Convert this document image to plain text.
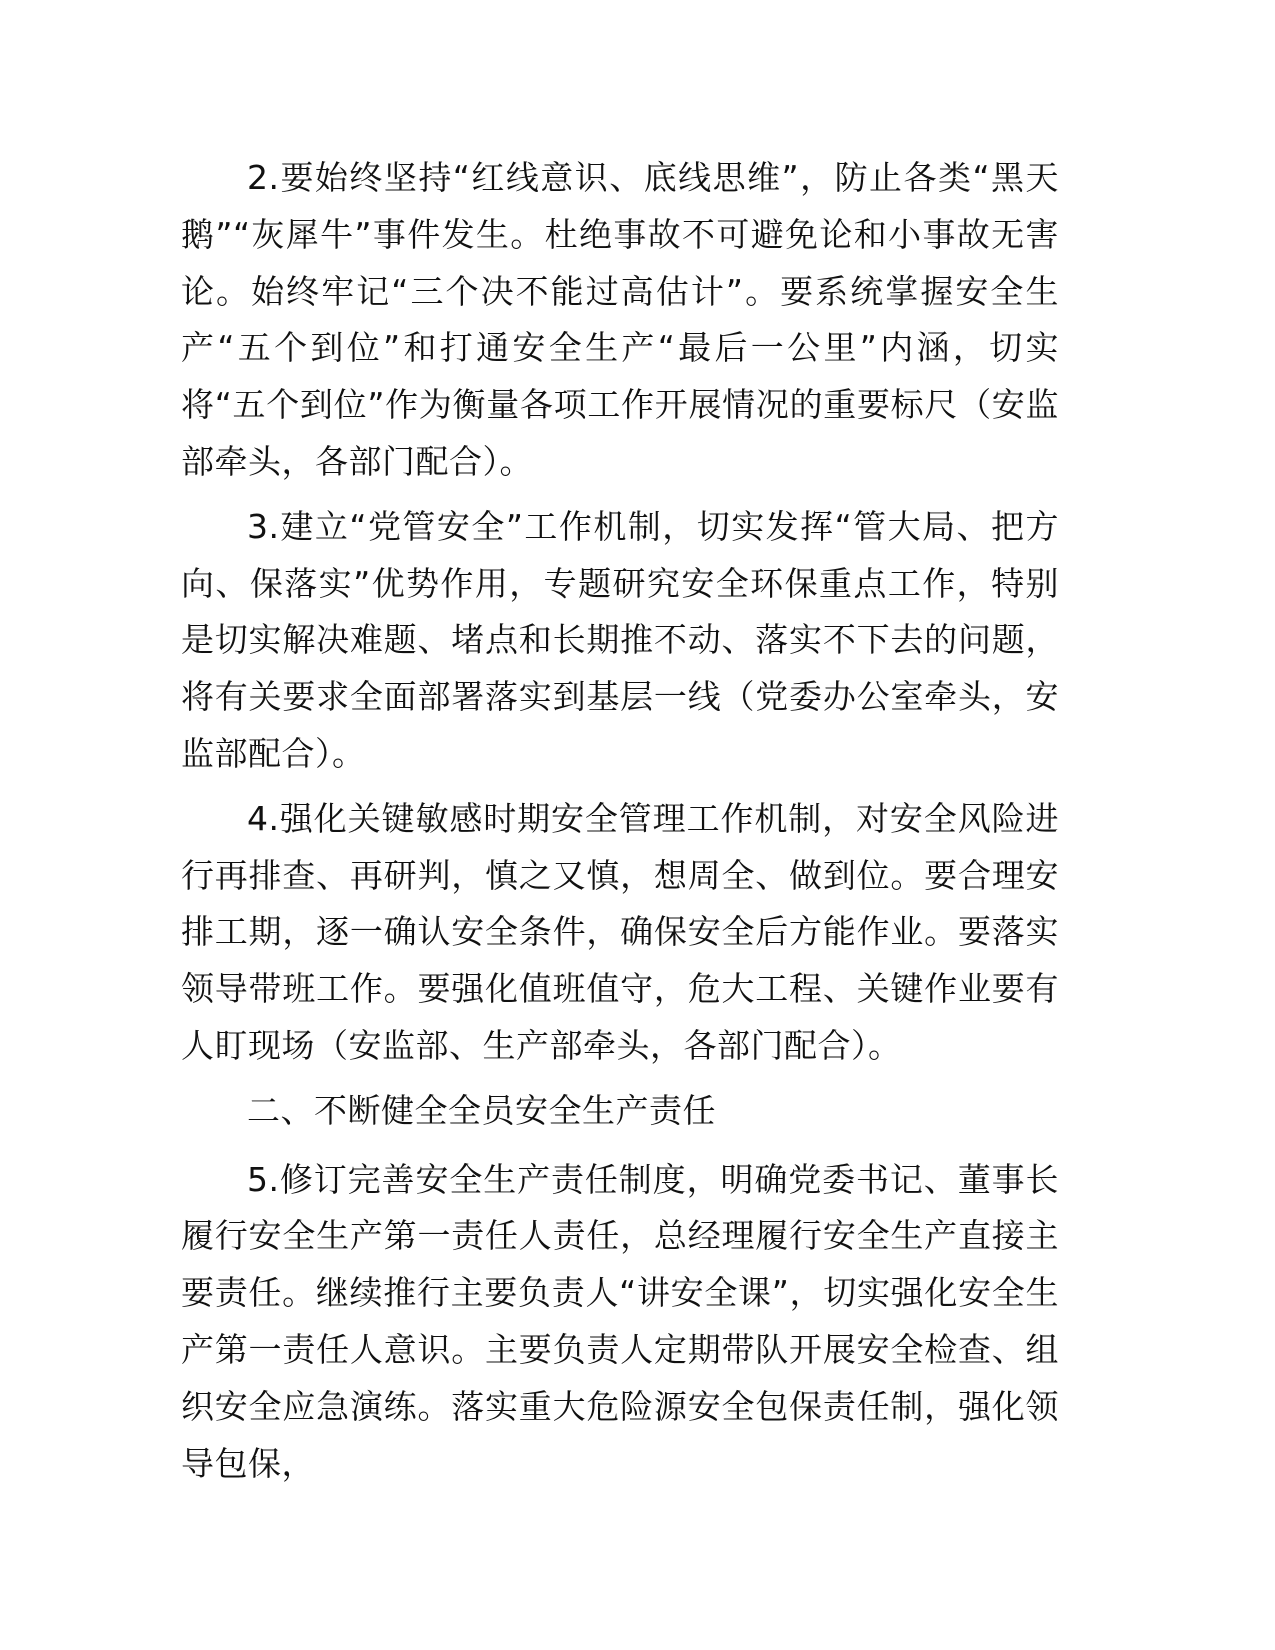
2.要始终坚持“红线意识、底线思维”，防止各类“黑天鹅”“灰犀牛”事件发生。杜绝事故不可避免论和小事故无害论。始终牢记“三个决不能过高估计”。要系统掌握安全生产“五个到位”和打通安全生产“最后一公里”内涵，切实将“五个到位”作为衡量各项工作开展情况的重要标尺（安监部牵头，各部门配合）。

3.建立“党管安全”工作机制，切实发挥“管大局、把方向、保落实”优势作用，专题研究安全环保重点工作，特别是切实解决难题、堵点和长期推不动、落实不下去的问题，将有关要求全面部署落实到基层一线（党委办公室牵头，安监部配合）。

4.强化关键敏感时期安全管理工作机制，对安全风险进行再排查、再研判，慎之又慎，想周全、做到位。要合理安排工期，逐一确认安全条件，确保安全后方能作业。要落实领导带班工作。要强化值班值守，危大工程、关键作业要有人盯现场（安监部、生产部牵头，各部门配合）。

二、不断健全全员安全生产责任

5.修订完善安全生产责任制度，明确党委书记、董事长履行安全生产第一责任人责任，总经理履行安全生产直接主要责任。继续推行主要负责人“讲安全课”，切实强化安全生产第一责任人意识。主要负责人定期带队开展安全检查、组织安全应急演练。落实重大危险源安全包保责任制，强化领导包保，
